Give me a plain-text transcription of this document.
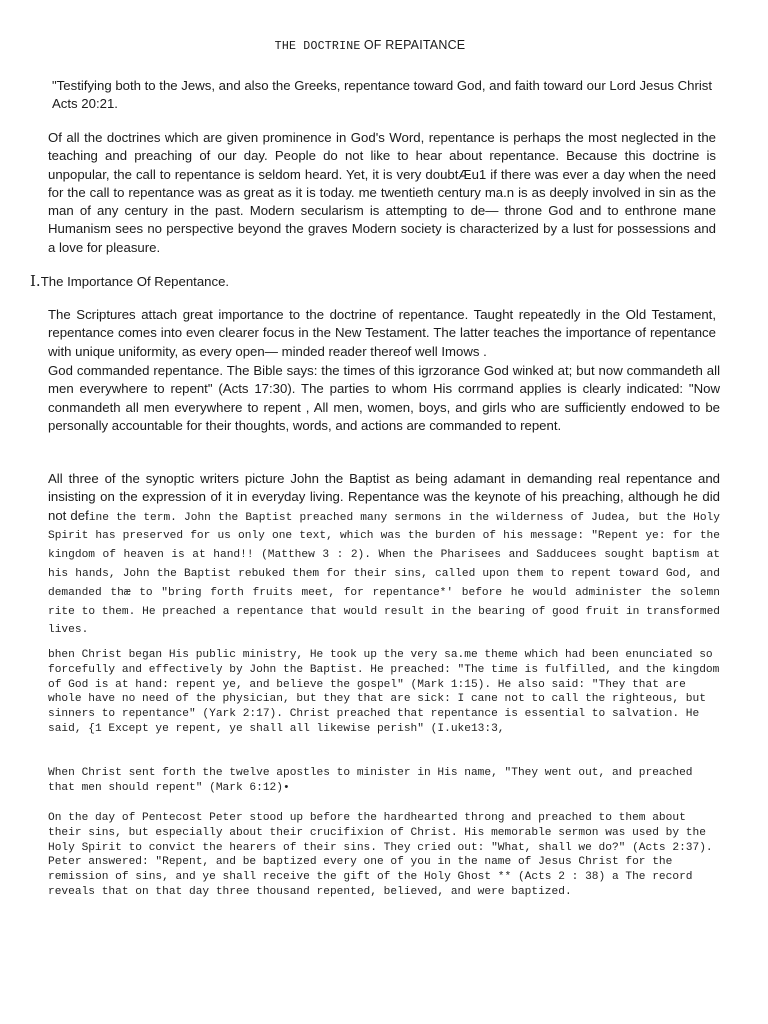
THE DOCTRINE OF REPAITANCE

"Testifying both to the Jews, and also the Greeks, repentance toward God, and faith toward our Lord Jesus Christ Acts 20:21.

Of all the doctrines which are given prominence in God's Word, repentance is perhaps the most neglected in the teaching and preaching of our day. People do not like to hear about repentance. Because this doctrine is unpopular, the call to repentance is seldom heard. Yet, it is very doubtÆu1 if there was ever a day when the need for the call to repentance was as great as it is today. me twentieth century ma.n is as deeply involved in sin as the man of any century in the past. Modern secularism is attempting to de— throne God and to enthrone mane Humanism sees no perspective beyond the graves Modern society is characterized by a lust for possessions and a love for pleasure.

I.The Importance Of Repentance.

The Scriptures attach great importance to the doctrine of repentance. Taught repeatedly in the Old Testament, repentance comes into even clearer focus in the New Testament. The latter teaches the importance of repentance with unique uniformity, as every open— minded reader thereof well Imows .

God commanded repentance. The Bible says: the times of this igrzorance God winked at; but now commandeth all men everywhere to repent" (Acts 17:30). The parties to whom His corrmand applies is clearly indicated: "Now conmandeth all men everywhere to repent , All men, women, boys, and girls who are sufficiently endowed to be personally accountable for their thoughts, words, and actions are commanded to repent.

All three of the synoptic writers picture John the Baptist as being adamant in demanding real repentance and insisting on the expression of it in everyday living. Repentance was the keynote of his preaching, although he did not define the term. John the Baptist preached many sermons in the wilderness of Judea, but the Holy Spirit has preserved for us only one text, which was the burden of his message: "Repent ye: for the kingdom of heaven is at hand!! (Matthew 3 : 2). When the Pharisees and Sadducees sought baptism at his hands, John the Baptist rebuked them for their sins, called upon them to repent toward God, and demanded thæ to "bring forth fruits meet, for repentance*' before he would administer the solemn rite to them. He preached a repentance that would result in the bearing of good fruit in transformed lives.

bhen Christ began His public ministry, He took up the very sa.me theme which had been enunciated so forcefully and effectively by John the Baptist. He preached: "The time is fulfilled, and the kingdom of God is at hand: repent ye, and believe the gospel" (Mark 1:15). He also said: "They that are whole have no need of the physician, but they that are sick: I cane not to call the righteous, but sinners to repentance" (Yark 2:17). Christ preached that repentance is essential to salvation. He said, {1 Except ye repent, ye shall all likewise perish" (I.uke13:3,

When Christ sent forth the twelve apostles to minister in His name, "They went out, and preached that men should repent" (Mark 6:12)•

On the day of Pentecost Peter stood up before the hardhearted throng and preached to them about their sins, but especially about their crucifixion of Christ. His memorable sermon was used by the Holy Spirit to convict the hearers of their sins. They cried out: "What, shall we do?" (Acts 2:37). Peter answered: "Repent, and be baptized every one of you in the name of Jesus Christ for the remission of sins, and ye shall receive the gift of the Holy Ghost ** (Acts 2 : 38) a The record reveals that on that day three thousand repented, believed, and were baptized.
